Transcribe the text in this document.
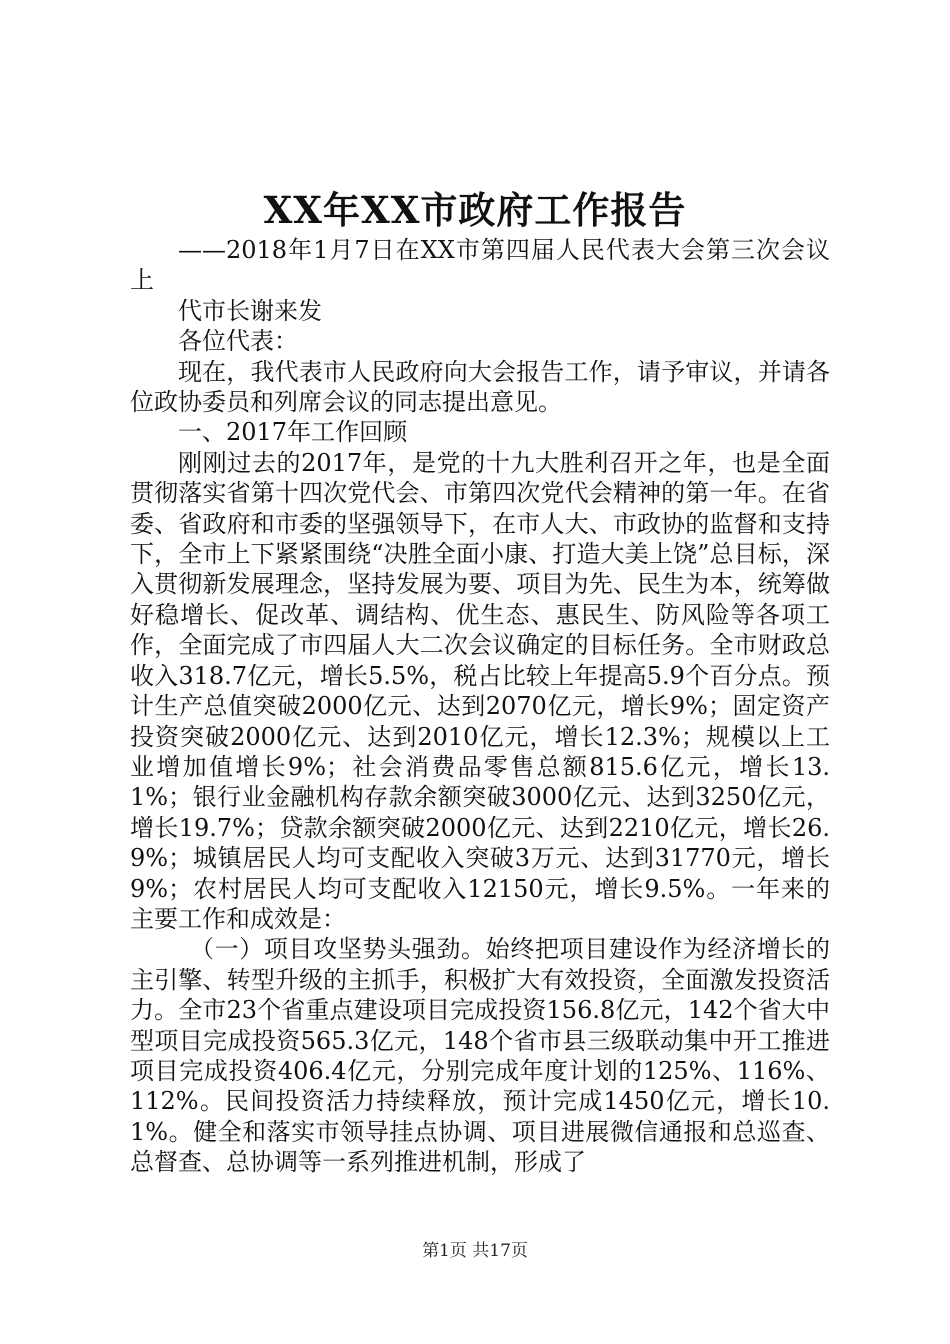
XX年XX市政府工作报告

——2018年1月7日在XX市第四届人民代表大会第三次会议上

代市长谢来发

各位代表：

现在，我代表市人民政府向大会报告工作，请予审议，并请各位政协委员和列席会议的同志提出意见。

一、2017年工作回顾

刚刚过去的2017年，是党的十九大胜利召开之年，也是全面贯彻落实省第十四次党代会、市第四次党代会精神的第一年。在省委、省政府和市委的坚强领导下，在市人大、市政协的监督和支持下，全市上下紧紧围绕“决胜全面小康、打造大美上饶”总目标，深入贯彻新发展理念，坚持发展为要、项目为先、民生为本，统筹做好稳增长、促改革、调结构、优生态、惠民生、防风险等各项工作，全面完成了市四届人大二次会议确定的目标任务。全市财政总收入318.7亿元，增长5.5%，税占比较上年提高5.9个百分点。预计生产总值突破2000亿元、达到2070亿元，增长9%；固定资产投资突破2000亿元、达到2010亿元，增长12.3%；规模以上工业增加值增长9%；社会消费品零售总额815.6亿元，增长13.1%；银行业金融机构存款余额突破3000亿元、达到3250亿元，增长19.7%；贷款余额突破2000亿元、达到2210亿元，增长26.9%；城镇居民人均可支配收入突破3万元、达到31770元，增长9%；农村居民人均可支配收入12150元，增长9.5%。一年来的主要工作和成效是：

（一）项目攻坚势头强劲。始终把项目建设作为经济增长的主引擎、转型升级的主抓手，积极扩大有效投资，全面激发投资活力。全市23个省重点建设项目完成投资156.8亿元，142个省大中型项目完成投资565.3亿元，148个省市县三级联动集中开工推进项目完成投资406.4亿元，分别完成年度计划的125%、116%、112%。民间投资活力持续释放，预计完成1450亿元，增长10.1%。健全和落实市领导挂点协调、项目进展微信通报和总巡查、总督查、总协调等一系列推进机制，形成了

第1页 共17页
